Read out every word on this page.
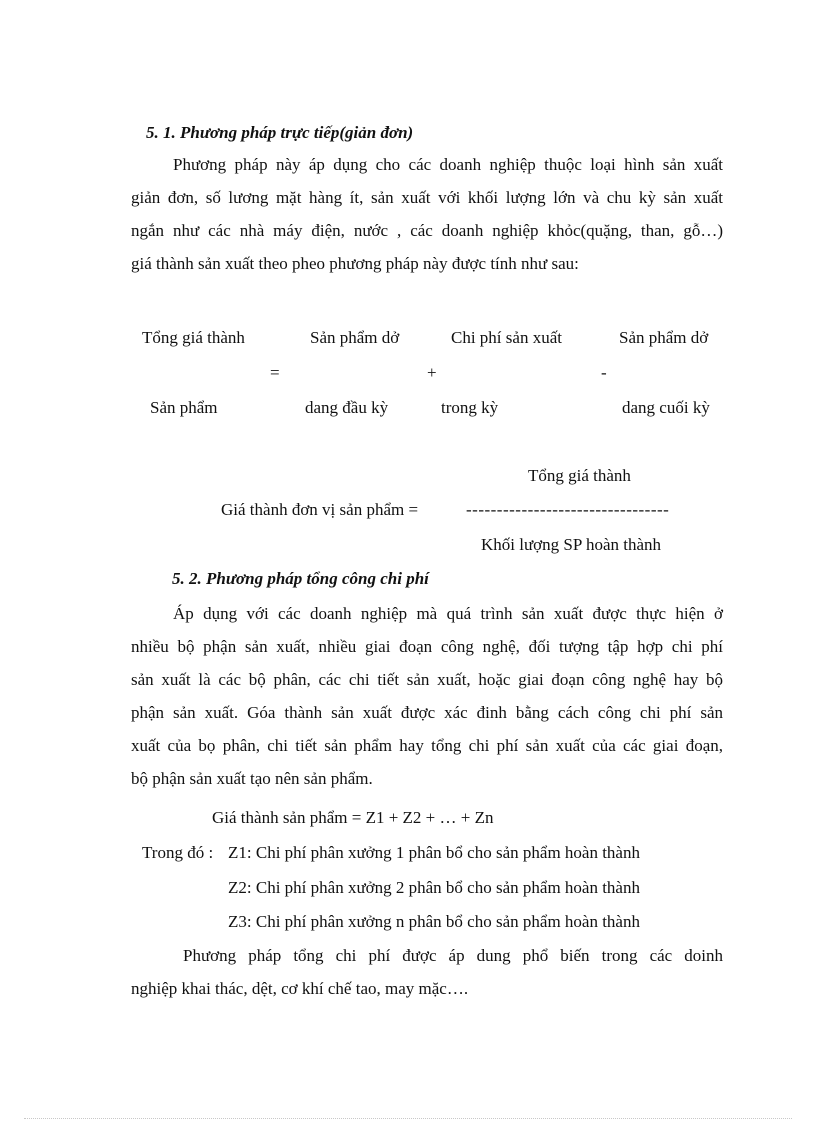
5. 1. Phương pháp trực tiếp(giản đơn)
Phương pháp này áp dụng cho các doanh nghiệp thuộc loại hình sản xuất
giản đơn, số lương mặt hàng ít, sản xuất với khối lượng lớn và chu kỳ sản xuất
ngắn như các nhà máy điện, nước , các doanh nghiệp khỏc(quặng, than, gỗ…)
giá thành sản xuất theo pheo phương pháp này được tính như sau:
Tổng giá thành
Sản phẩm
=
Sản phẩm dở
dang đầu kỳ
+
Chi phí sản xuất
trong kỳ
-
Sản phẩm dở
dang cuối kỳ
Tổng giá thành
Giá thành đơn vị sản phẩm =	---------------------------------
Khối lượng SP hoàn thành
5. 2. Phương pháp tổng công chi phí
Áp dụng với các doanh nghiệp mà quá trình sản xuất được thực hiện ở
nhiều bộ phận sản xuất, nhiều giai đoạn công nghệ, đối tượng tập hợp chi phí
sản xuất là các bộ phân, các chi tiết sản xuất, hoặc giai đoạn công nghệ hay bộ
phận sản xuất. Góa thành sản xuất được xác đinh bằng cách công chi phí sản
xuất của bọ phân, chi tiết sản phẩm hay tổng chi phí sản xuất của các giai đoạn,
bộ phận sản xuất tạo nên sản phẩm.
Giá thành sản phẩm = Z1 + Z2 + … + Zn
Trong đó : Z1: Chi phí phân xưởng 1 phân bổ cho sản phẩm hoàn thành
Z2: Chi phí phân xưởng 2 phân bổ cho sản phẩm hoàn thành
Z3: Chi phí phân xưởng n phân bổ cho sản phẩm hoàn thành
Phương pháp tổng chi phí được áp dung phổ biến trong các doinh
nghiệp khai thác, dệt, cơ khí chế tao, may mặc….
